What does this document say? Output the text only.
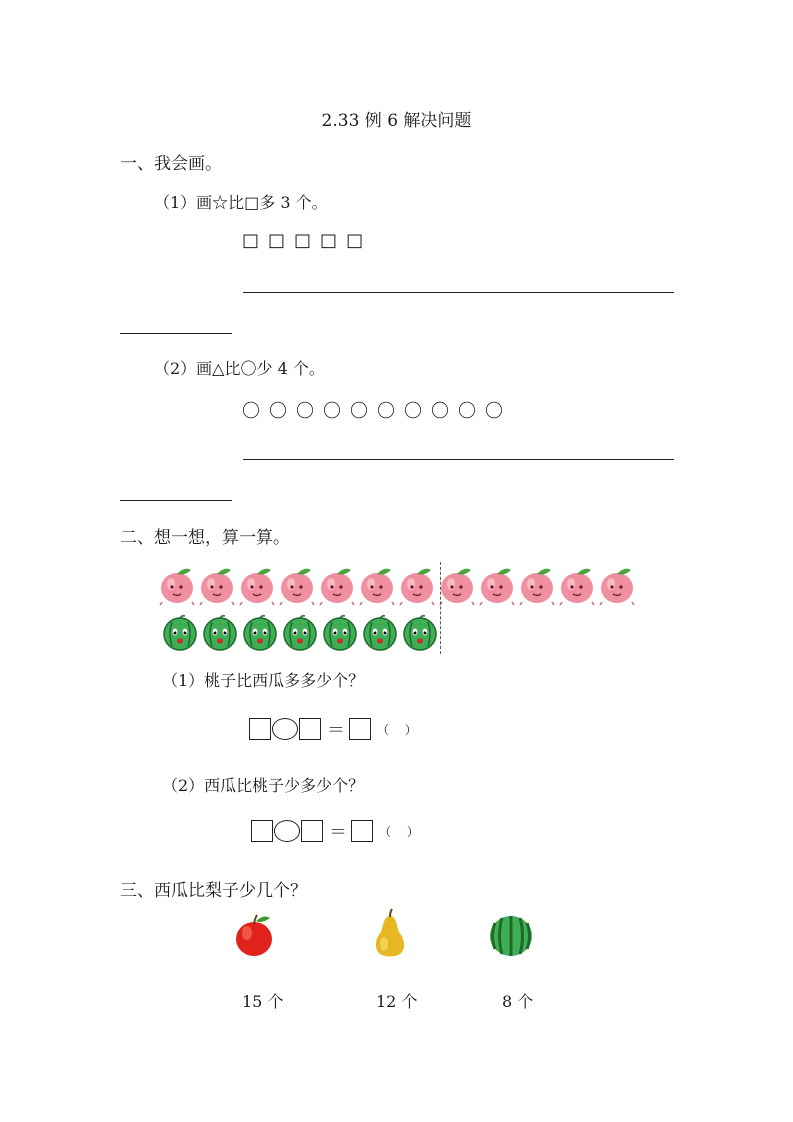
2.33 例 6 解决问题
一、我会画。
（1）画☆比□多 3 个。
□ □ □ □ □
（2）画△比〇少 4 个。
〇 〇 〇 〇 〇 〇 〇 〇 〇 〇
二、想一想，算一算。
（1）桃子比西瓜多多少个？
＝	（　 ）
（2）西瓜比桃子少多少个？
＝	（　 ）
三、西瓜比梨子少几个？
15 个	12 个	8 个
